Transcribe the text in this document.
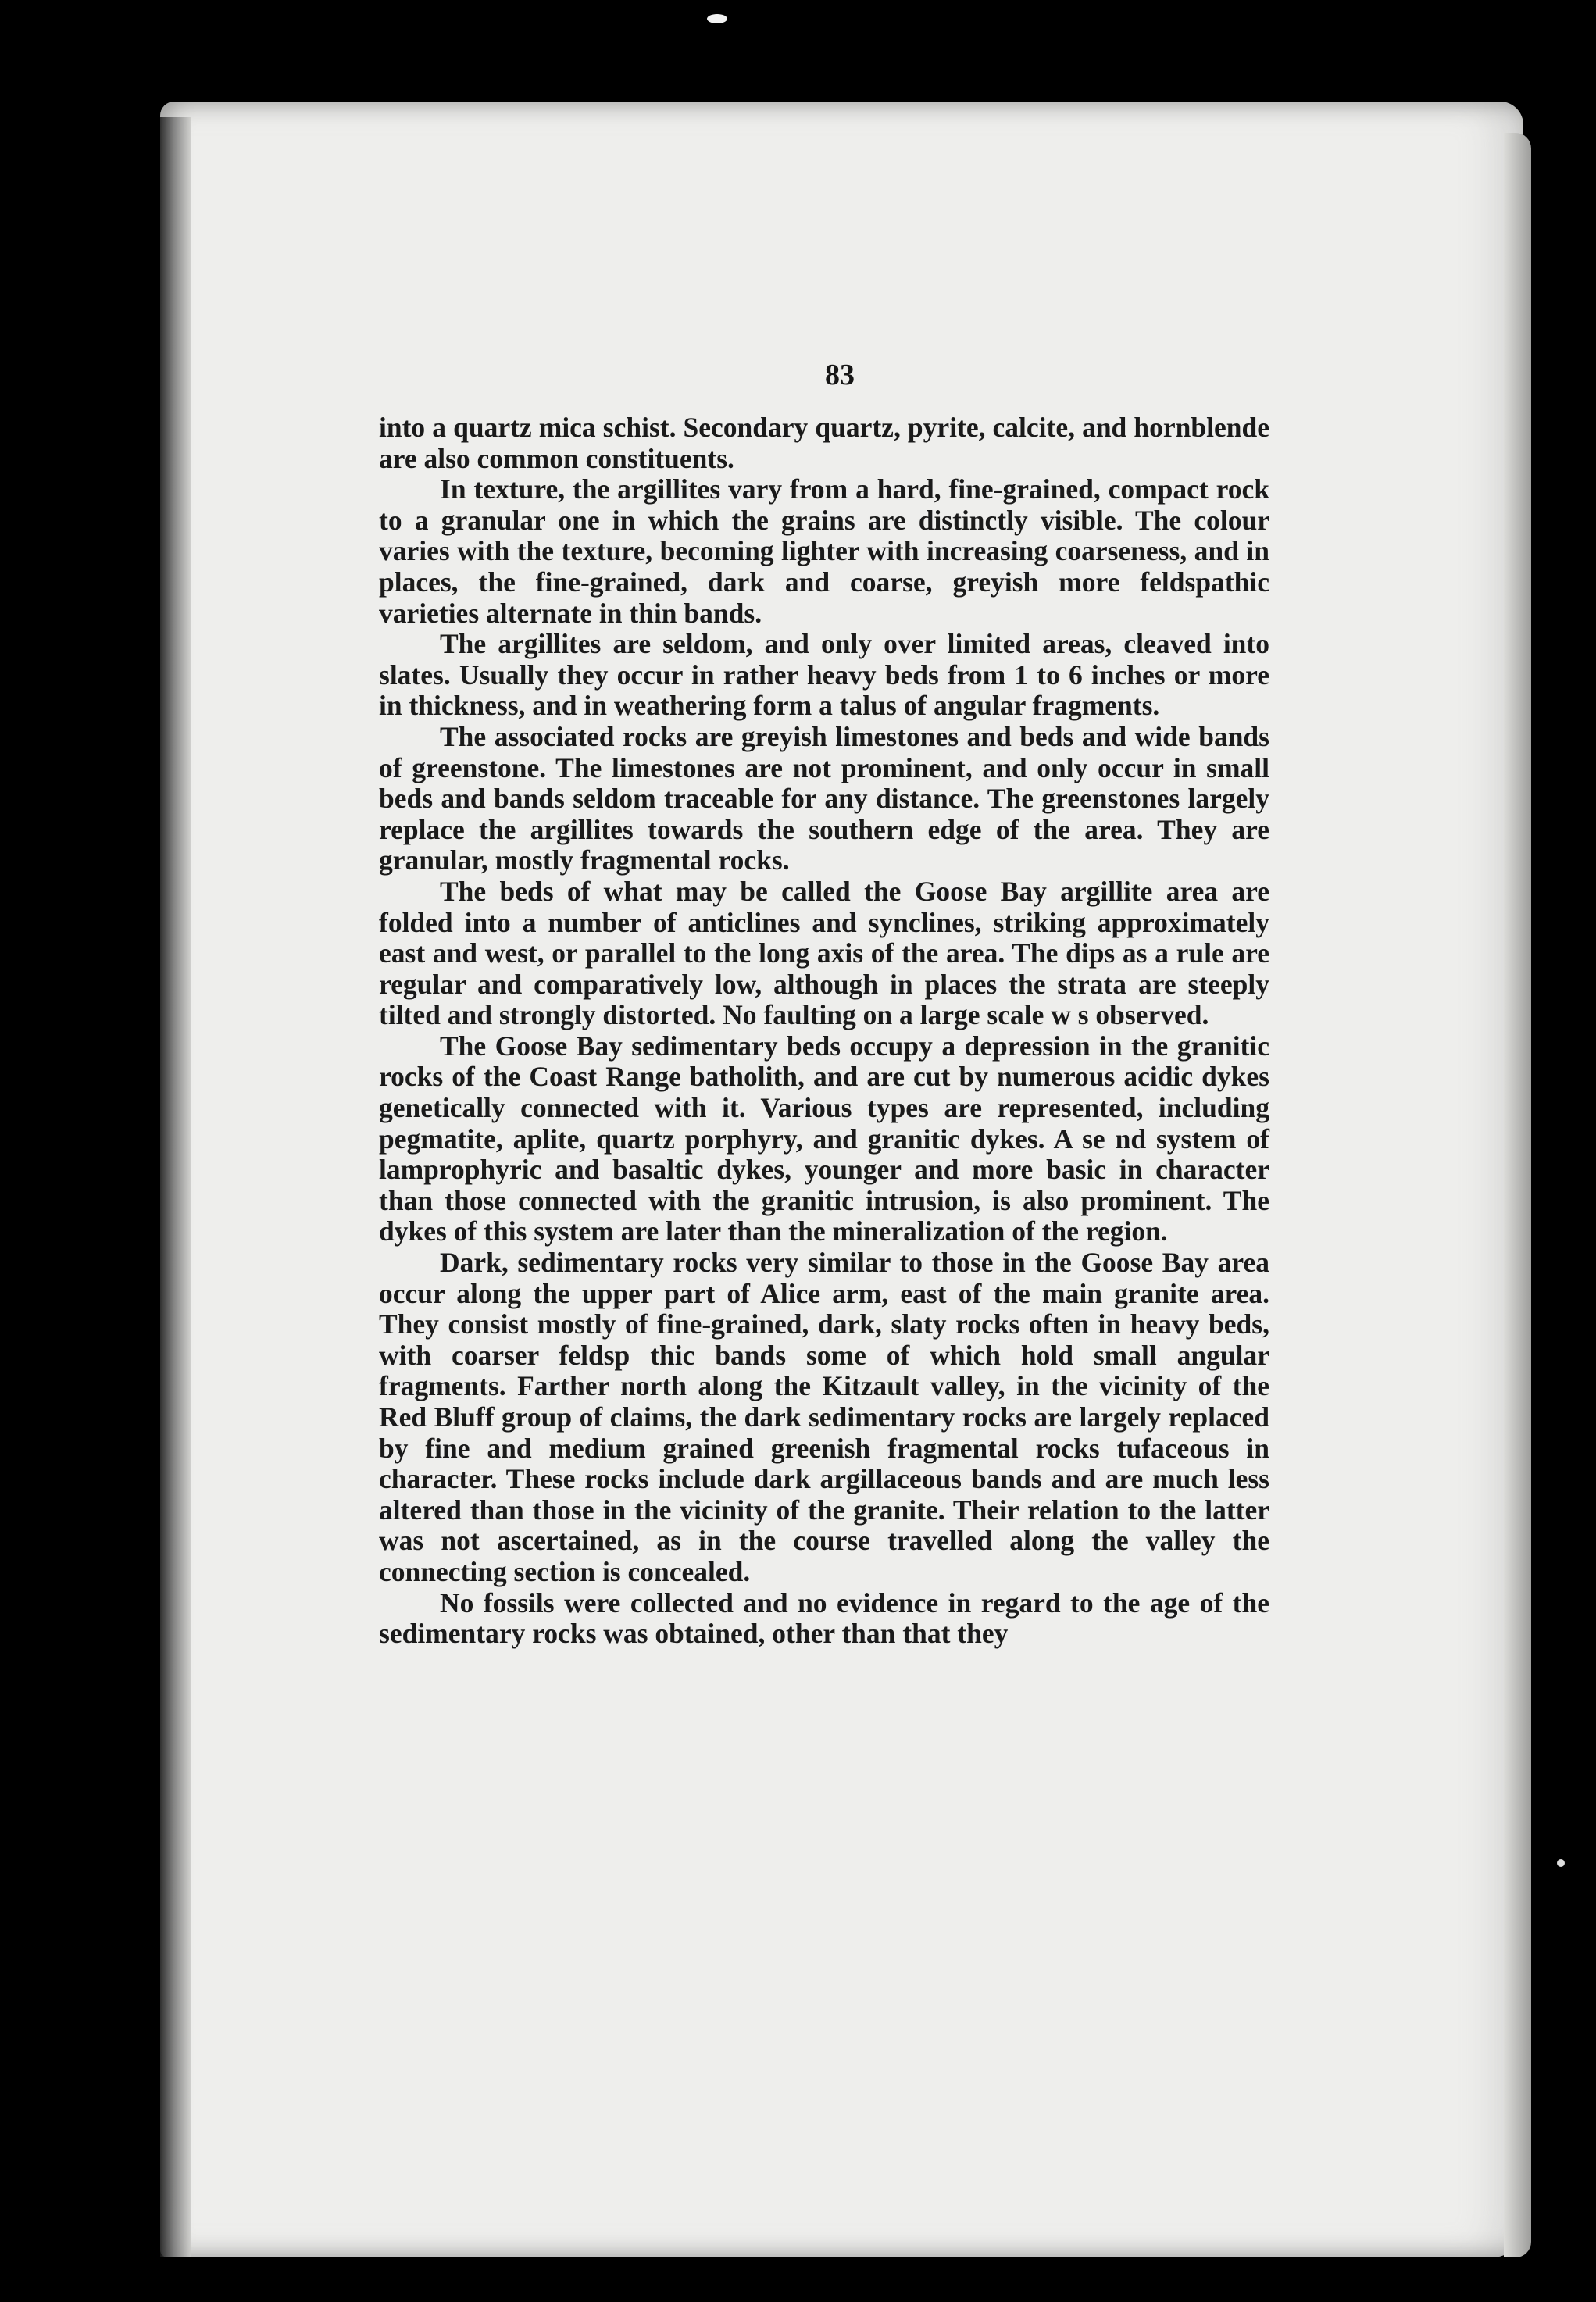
83

into a quartz mica schist. Secondary quartz, pyrite, calcite, and hornblende are also common constituents.

In texture, the argillites vary from a hard, fine-grained, compact rock to a granular one in which the grains are distinctly visible. The colour varies with the texture, becoming lighter with increasing coarseness, and in places, the fine-grained, dark and coarse, greyish more feldspathic varieties alternate in thin bands.

The argillites are seldom, and only over limited areas, cleaved into slates. Usually they occur in rather heavy beds from 1 to 6 inches or more in thickness, and in weathering form a talus of angular fragments.

The associated rocks are greyish limestones and beds and wide bands of greenstone. The limestones are not prominent, and only occur in small beds and bands seldom traceable for any distance. The greenstones largely replace the argillites towards the southern edge of the area. They are granular, mostly fragmental rocks.

The beds of what may be called the Goose Bay argillite area are folded into a number of anticlines and synclines, striking approximately east and west, or parallel to the long axis of the area. The dips as a rule are regular and comparatively low, although in places the strata are steeply tilted and strongly distorted. No faulting on a large scale w s observed.

The Goose Bay sedimentary beds occupy a depression in the granitic rocks of the Coast Range batholith, and are cut by numerous acidic dykes genetically connected with it. Various types are represented, including pegmatite, aplite, quartz porphyry, and granitic dykes. A se nd system of lamprophyric and basaltic dykes, younger and more basic in character than those connected with the granitic intrusion, is also prominent. The dykes of this system are later than the mineralization of the region.

Dark, sedimentary rocks very similar to those in the Goose Bay area occur along the upper part of Alice arm, east of the main granite area. They consist mostly of fine-grained, dark, slaty rocks often in heavy beds, with coarser feldsp thic bands some of which hold small angular fragments. Farther north along the Kitzault valley, in the vicinity of the Red Bluff group of claims, the dark sedimentary rocks are largely replaced by fine and medium grained greenish fragmental rocks tufaceous in character. These rocks include dark argillaceous bands and are much less altered than those in the vicinity of the granite. Their relation to the latter was not ascertained, as in the course travelled along the valley the connecting section is concealed.

No fossils were collected and no evidence in regard to the age of the sedimentary rocks was obtained, other than that they
